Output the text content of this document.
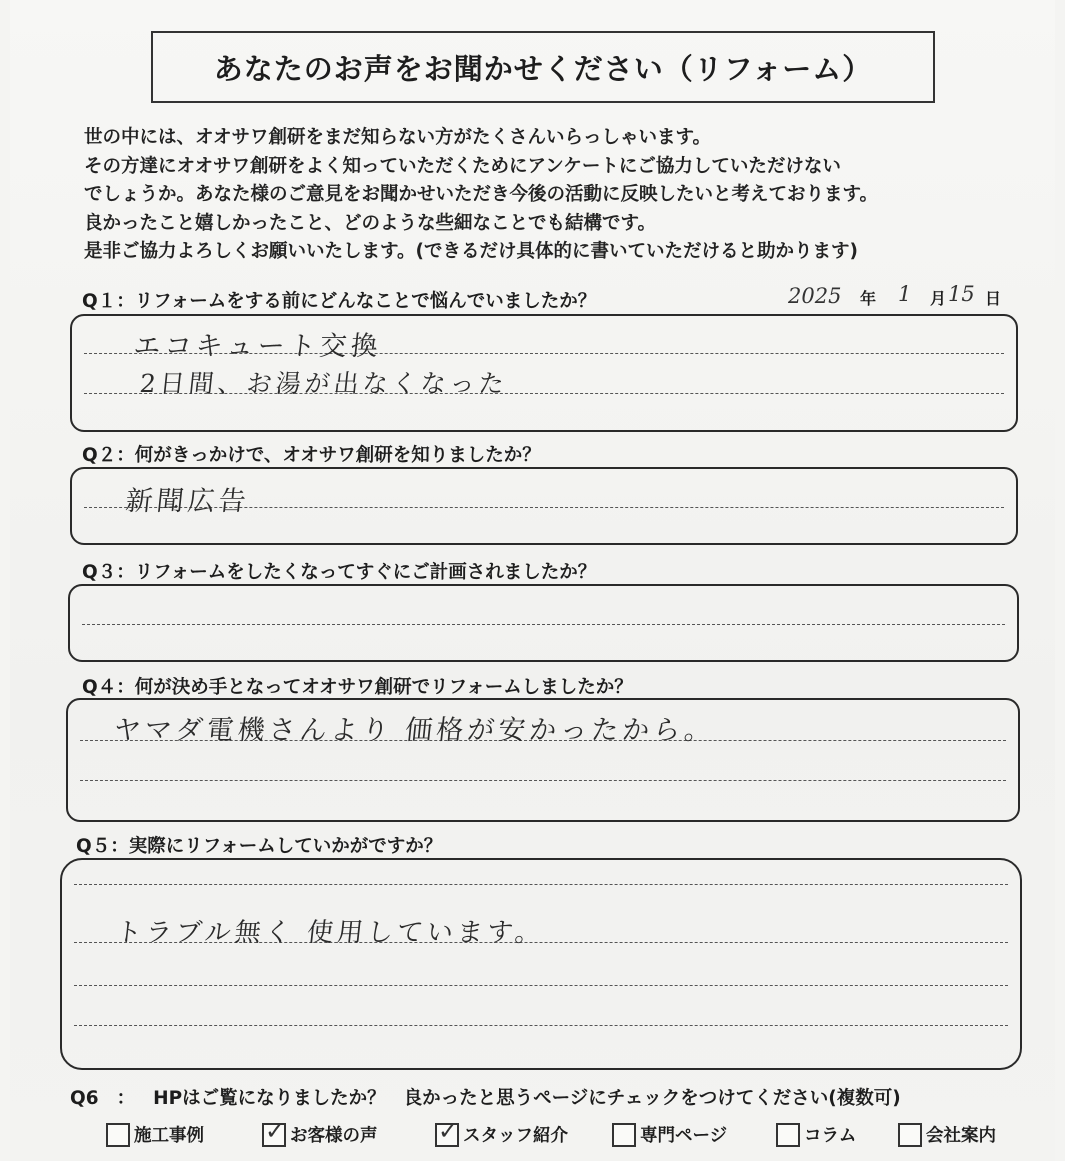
あなたのお声をお聞かせください（リフォーム）
世の中には、オオサワ創研をまだ知らない方がたくさんいらっしゃいます。
その方達にオオサワ創研をよく知っていただくためにアンケートにご協力していただけない
でしょうか。あなた様のご意見をお聞かせいただき今後の活動に反映したいと考えております。
良かったこと嬉しかったこと、どのような些細なことでも結構です。
是非ご協力よろしくお願いいたします。(できるだけ具体的に書いていただけると助かります)
Q１：リフォームをする前にどんなことで悩んでいましたか？	2025 年 1 月 15 日
エコキュート交換
2日間、お湯が出なくなった
Q２：何がきっかけで、オオサワ創研を知りましたか？
新聞広告
Q３：リフォームをしたくなってすぐにご計画されましたか？
Q４：何が決め手となってオオサワ創研でリフォームしましたか？
ヤマダ電機さんより 価格が安かったから。
Q５：実際にリフォームしていかがですか？
トラブル無く 使用しています。
Q6 ： HPはご覧になりましたか？ 良かったと思うページにチェックをつけてください(複数可)
施工事例	✓ お客様の声	✓ スタッフ紹介	専門ページ	コラム	会社案内
